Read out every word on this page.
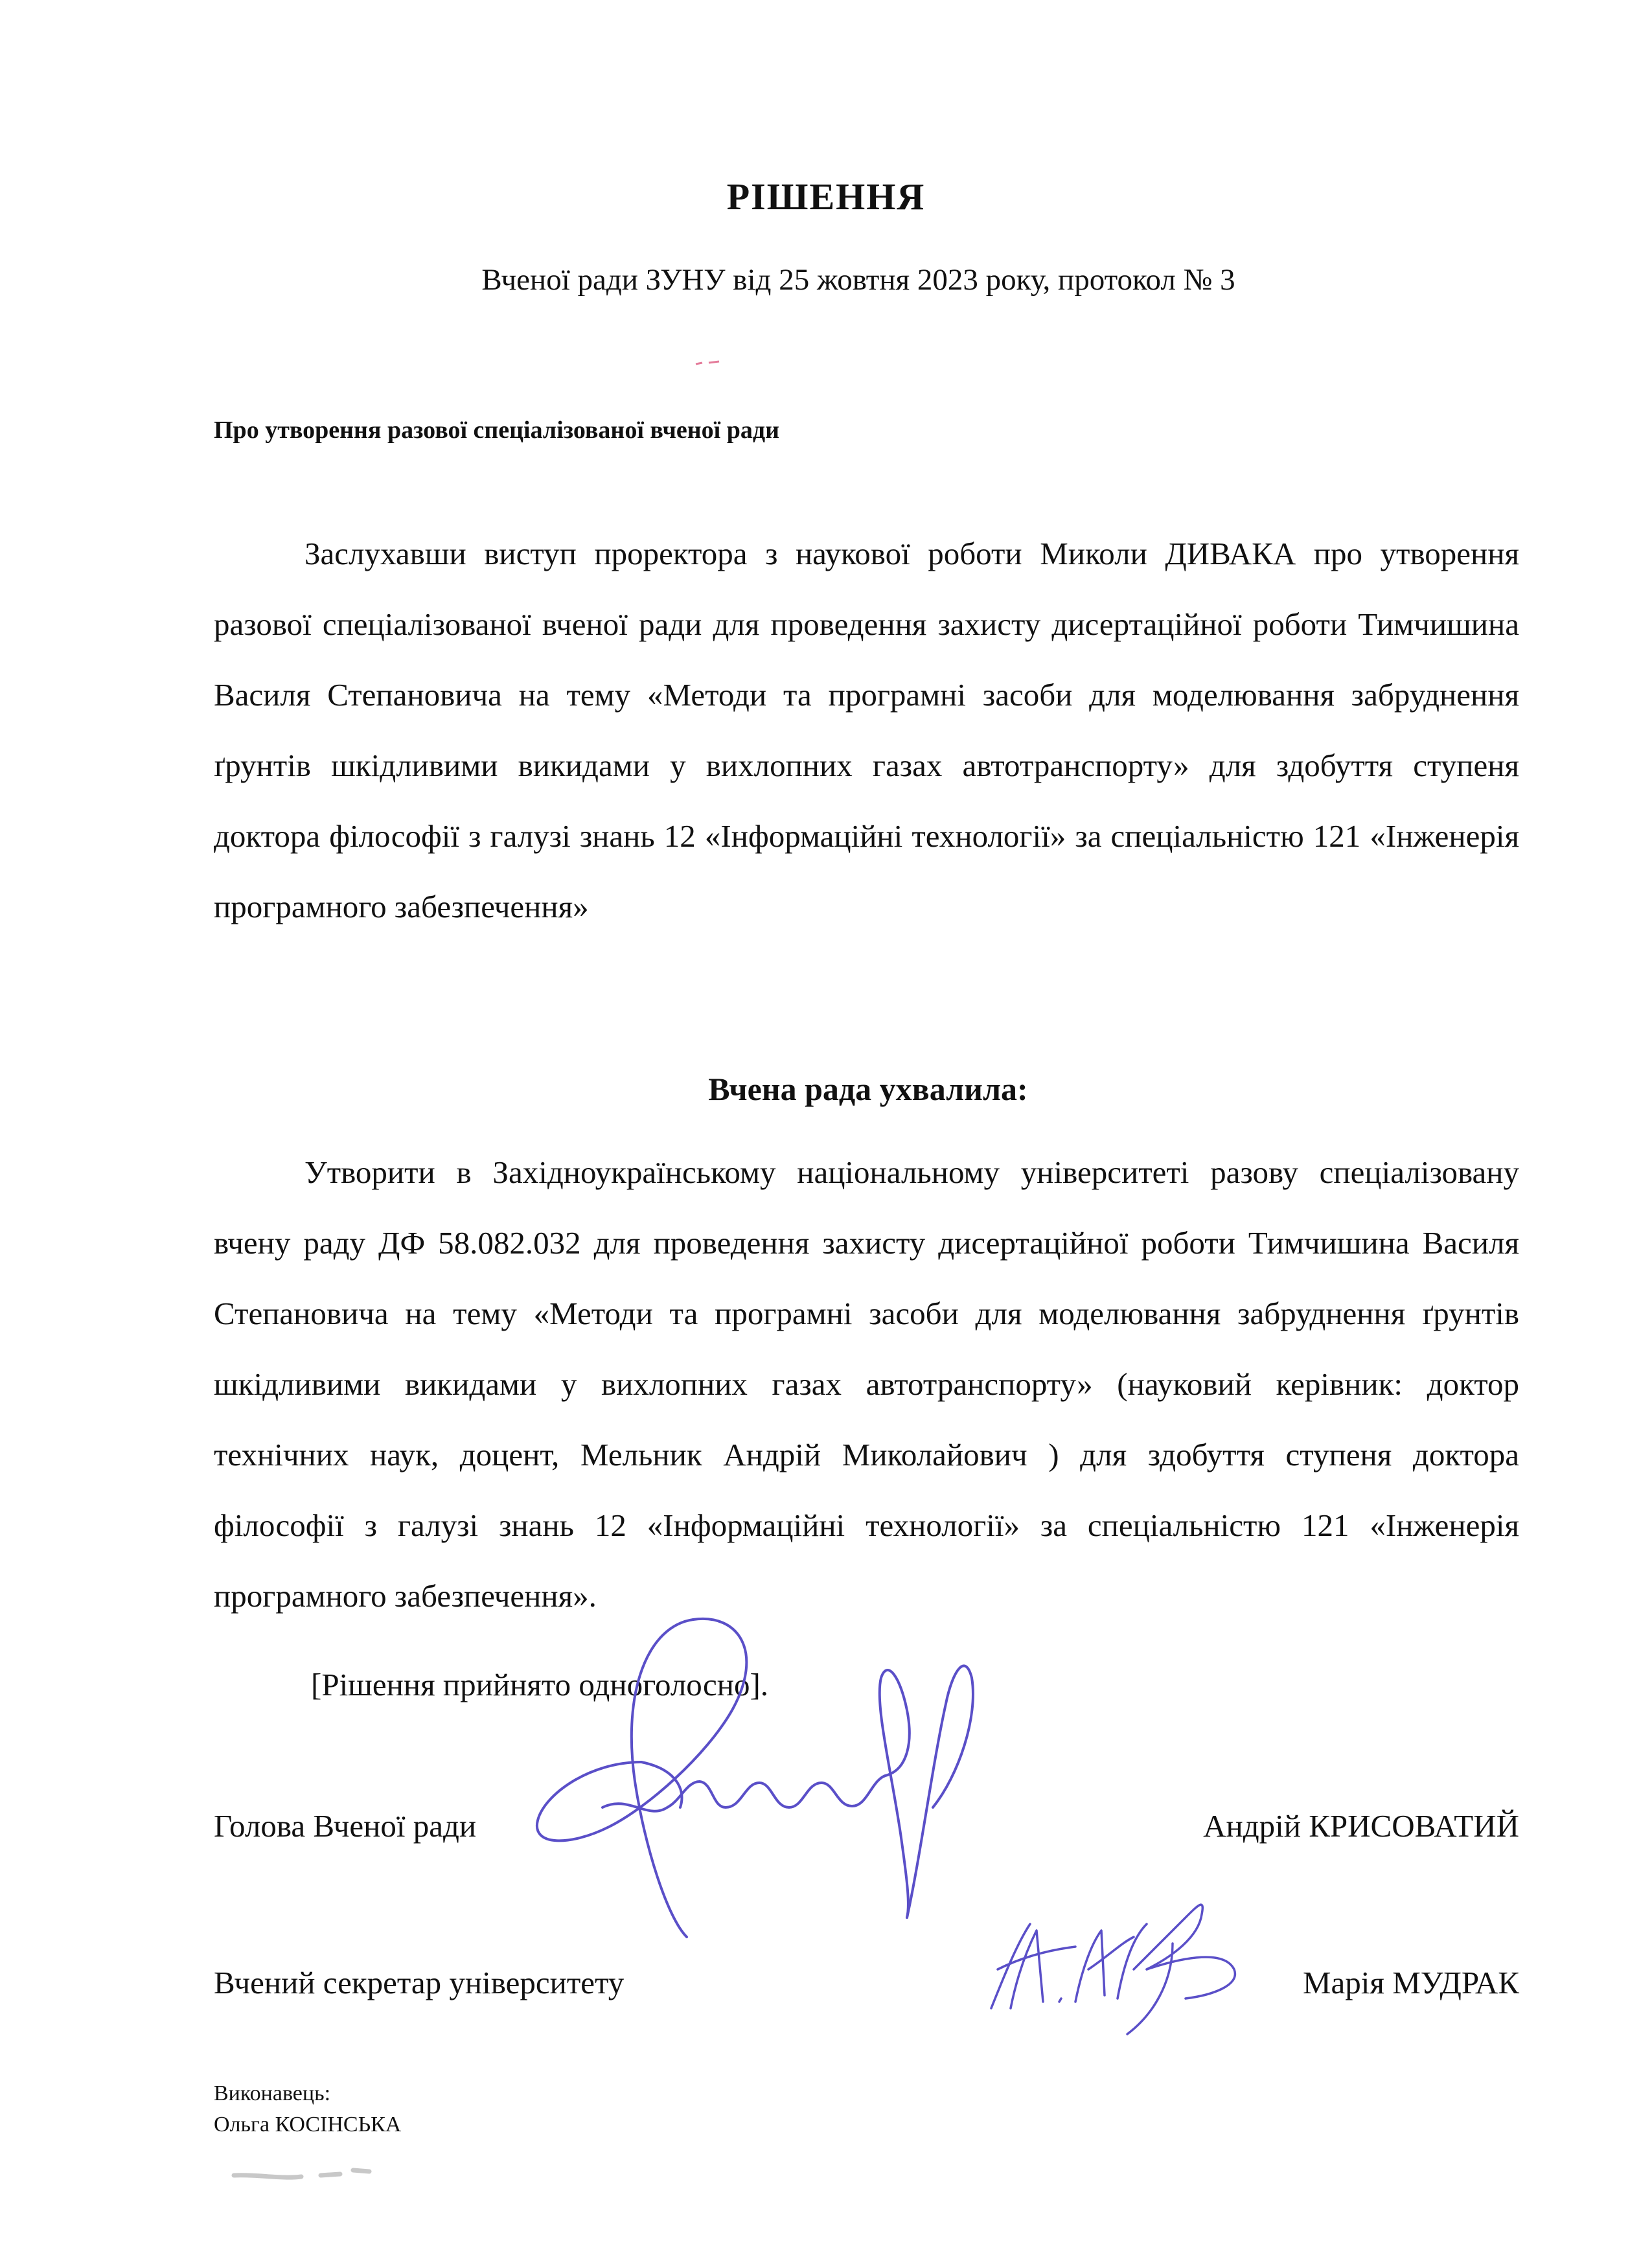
РІШЕННЯ
Вченої ради ЗУНУ від 25 жовтня 2023 року, протокол № 3
Про утворення разової спеціалізованої вченої ради

Заслухавши виступ проректора з наукової роботи Миколи ДИВАКА про утворення разової спеціалізованої вченої ради для проведення захисту дисертаційної роботи Тимчишина Василя Степановича на тему «Методи та програмні засоби для моделювання забруднення ґрунтів шкідливими викидами у вихлопних газах автотранспорту» для здобуття ступеня доктора філософії з галузі знань 12 «Інформаційні технології» за спеціальністю 121 «Інженерія програмного забезпечення»

Вчена рада ухвалила:

Утворити в Західноукраїнському національному університеті разову спеціалізовану вчену раду ДФ 58.082.032 для проведення захисту дисертаційної роботи Тимчишина Василя Степановича на тему «Методи та програмні засоби для моделювання забруднення ґрунтів шкідливими викидами у вихлопних газах автотранспорту» (науковий керівник: доктор технічних наук, доцент, Мельник Андрій Миколайович ) для здобуття ступеня доктора філософії з галузі знань 12 «Інформаційні технології» за спеціальністю 121 «Інженерія програмного забезпечення».

[Рішення прийнято одноголосно].
Голова Вченої ради	Андрій КРИСОВАТИЙ
Вчений секретар університету	Марія МУДРАК
Виконавець:
Ольга КОСІНСЬКА
